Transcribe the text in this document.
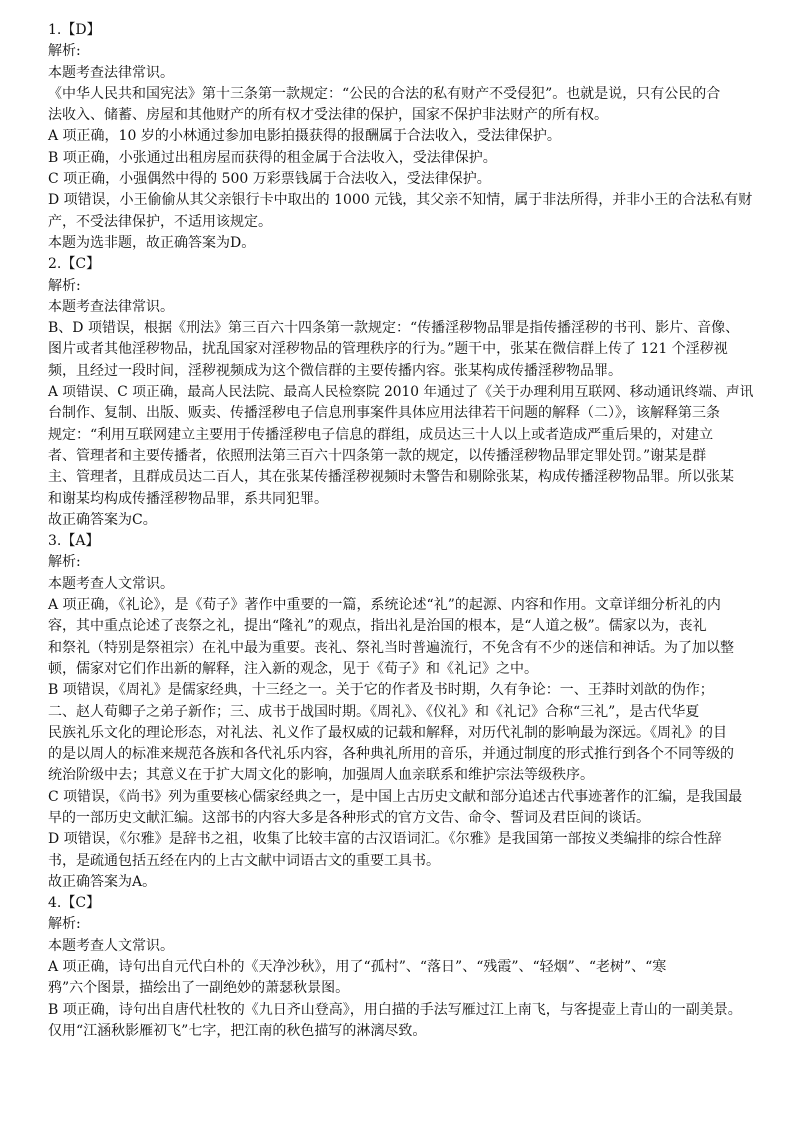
1.【D】
解析:
本题考查法律常识。
《中华人民共和国宪法》第十三条第一款规定：“公民的合法的私有财产不受侵犯”。也就是说，只有公民的合
法收入、储蓄、房屋和其他财产的所有权才受法律的保护，国家不保护非法财产的所有权。
A 项正确，10 岁的小林通过参加电影拍摄获得的报酬属于合法收入，受法律保护。
B 项正确，小张通过出租房屋而获得的租金属于合法收入，受法律保护。
C 项正确，小强偶然中得的 500 万彩票钱属于合法收入，受法律保护。
D 项错误，小王偷偷从其父亲银行卡中取出的 1000 元钱，其父亲不知情，属于非法所得，并非小王的合法私有财
产，不受法律保护，不适用该规定。
本题为选非题，故正确答案为D。
2.【C】
解析:
本题考查法律常识。
B、D 项错误，根据《刑法》第三百六十四条第一款规定：“传播淫秽物品罪是指传播淫秽的书刊、影片、音像、
图片或者其他淫秽物品，扰乱国家对淫秽物品的管理秩序的行为。”题干中，张某在微信群上传了 121 个淫秽视
频，且经过一段时间，淫秽视频成为这个微信群的主要传播内容。张某构成传播淫秽物品罪。
A 项错误、C 项正确，最高人民法院、最高人民检察院 2010 年通过了《关于办理利用互联网、移动通讯终端、声讯
台制作、复制、出版、贩卖、传播淫秽电子信息刑事案件具体应用法律若干问题的解释（二）》，该解释第三条
规定：“利用互联网建立主要用于传播淫秽电子信息的群组，成员达三十人以上或者造成严重后果的，对建立
者、管理者和主要传播者，依照刑法第三百六十四条第一款的规定，以传播淫秽物品罪定罪处罚。”谢某是群
主、管理者，且群成员达二百人，其在张某传播淫秽视频时未警告和剔除张某，构成传播淫秽物品罪。所以张某
和谢某均构成传播淫秽物品罪，系共同犯罪。
故正确答案为C。
3.【A】
解析:
本题考查人文常识。
A 项正确，《礼论》，是《荀子》著作中重要的一篇，系统论述“礼”的起源、内容和作用。文章详细分析礼的内
容，其中重点论述了丧祭之礼，提出“隆礼”的观点，指出礼是治国的根本，是“人道之极”。儒家以为，丧礼
和祭礼（特别是祭祖宗）在礼中最为重要。丧礼、祭礼当时普遍流行，不免含有不少的迷信和神话。为了加以整
顿，儒家对它们作出新的解释，注入新的观念，见于《荀子》和《礼记》之中。
B 项错误，《周礼》是儒家经典，十三经之一。关于它的作者及书时期，久有争论：一、王莽时刘歆的伪作；
二、赵人荀卿子之弟子新作；三、成书于战国时期。《周礼》、《仪礼》和《礼记》合称“三礼”，是古代华夏
民族礼乐文化的理论形态，对礼法、礼义作了最权威的记载和解释，对历代礼制的影响最为深远。《周礼》的目
的是以周人的标准来规范各族和各代礼乐内容，各种典礼所用的音乐，并通过制度的形式推行到各个不同等级的
统治阶级中去；其意义在于扩大周文化的影响，加强周人血亲联系和维护宗法等级秩序。
C 项错误，《尚书》列为重要核心儒家经典之一，是中国上古历史文献和部分追述古代事迹著作的汇编，是我国最
早的一部历史文献汇编。这部书的内容大多是各种形式的官方文告、命令、誓词及君臣间的谈话。
D 项错误，《尔雅》是辞书之祖，收集了比较丰富的古汉语词汇。《尔雅》是我国第一部按义类编排的综合性辞
书，是疏通包括五经在内的上古文献中词语古文的重要工具书。
故正确答案为A。
4.【C】
解析:
本题考查人文常识。
A 项正确，诗句出自元代白朴的《天净沙秋》，用了“孤村”、“落日”、“残霞”、“轻烟”、“老树”、“寒
鸦”六个图景，描绘出了一副绝妙的萧瑟秋景图。
B 项正确，诗句出自唐代杜牧的《九日齐山登高》，用白描的手法写雁过江上南飞，与客提壶上青山的一副美景。
仅用“江涵秋影雁初飞”七字，把江南的秋色描写的淋漓尽致。
